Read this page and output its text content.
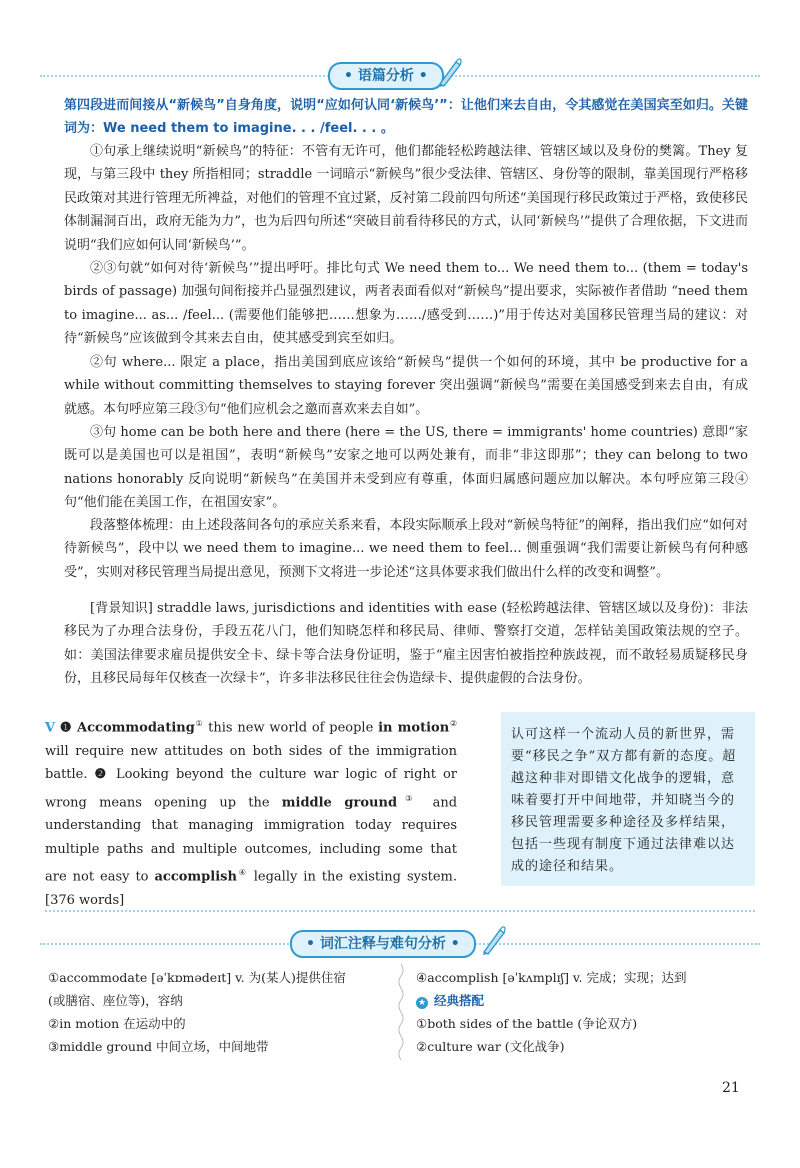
• 语篇分析 •

第四段进而间接从“新候鸟”自身角度，说明“应如何认同‘新候鸟’”：让他们来去自由，令其感觉在美国宾至如归。关键词为：We need them to imagine. . . /feel. . . 。

①句承上继续说明“新候鸟”的特征：不管有无许可，他们都能轻松跨越法律、管辖区域以及身份的樊篱。They 复现，与第三段中 they 所指相同；straddle 一词暗示“新候鸟”很少受法律、管辖区、身份等的限制，靠美国现行严格移民政策对其进行管理无所裨益，对他们的管理不宜过紧，反衬第二段前四句所述“美国现行移民政策过于严格，致使移民体制漏洞百出，政府无能为力”，也为后四句所述“突破目前看待移民的方式，认同‘新候鸟’”提供了合理依据，下文进而说明“我们应如何认同‘新候鸟’”。

②③句就“如何对待‘新候鸟’”提出呼吁。排比句式 We need them to... We need them to... (them = today's birds of passage) 加强句间衔接并凸显强烈建议，两者表面看似对“新候鸟”提出要求，实际被作者借助 “need them to imagine... as... /feel... (需要他们能够把……想象为……/感受到……)”用于传达对美国移民管理当局的建议：对待“新候鸟”应该做到令其来去自由，使其感受到宾至如归。

②句 where... 限定 a place，指出美国到底应该给“新候鸟”提供一个如何的环境，其中 be productive for a while without committing themselves to staying forever 突出强调“新候鸟”需要在美国感受到来去自由，有成就感。本句呼应第三段③句“他们应机会之邀而喜欢来去自如”。

③句 home can be both here and there (here = the US, there = immigrants' home countries) 意即“家既可以是美国也可以是祖国”，表明“新候鸟”安家之地可以两处兼有，而非“非这即那”；they can belong to two nations honorably 反向说明“新候鸟”在美国并未受到应有尊重，体面归属感问题应加以解决。本句呼应第三段④句“他们能在美国工作，在祖国安家”。

段落整体梳理：由上述段落间各句的承应关系来看，本段实际顺承上段对“新候鸟特征”的阐释，指出我们应“如何对待新候鸟”，段中以 we need them to imagine... we need them to feel... 侧重强调“我们需要让新候鸟有何种感受”，实则对移民管理当局提出意见，预测下文将进一步论述“这具体要求我们做出什么样的改变和调整”。

[背景知识] straddle laws, jurisdictions and identities with ease (轻松跨越法律、管辖区域以及身份)：非法移民为了办理合法身份，手段五花八门，他们知晓怎样和移民局、律师、警察打交道，怎样钻美国政策法规的空子。如：美国法律要求雇员提供安全卡、绿卡等合法身份证明，鉴于“雇主因害怕被指控种族歧视，而不敢轻易质疑移民身份，且移民局每年仅核查一次绿卡”，许多非法移民往往会伪造绿卡、提供虚假的合法身份。

V ❶ Accommodating① this new world of people in motion② will require new attitudes on both sides of the immigration battle. ❷ Looking beyond the culture war logic of right or wrong means opening up the middle ground③ and understanding that managing immigration today requires multiple paths and multiple outcomes, including some that are not easy to accomplish④ legally in the existing system. [376 words]

认可这样一个流动人员的新世界，需要“移民之争”双方都有新的态度。超越这种非对即错文化战争的逻辑，意味着要打开中间地带，并知晓当今的移民管理需要多种途径及多样结果，包括一些现有制度下通过法律难以达成的途径和结果。
• 词汇注释与难句分析 •
①accommodate [əˈkɒmədeɪt] v. 为(某人)提供住宿
(或膳宿、座位等)，容纳
②in motion 在运动中的
③middle ground 中间立场，中间地带
④accomplish [əˈkʌmplɪʃ] v. 完成；实现；达到
★ 经典搭配
①both sides of the battle (争论双方)
②culture war (文化战争)
21
